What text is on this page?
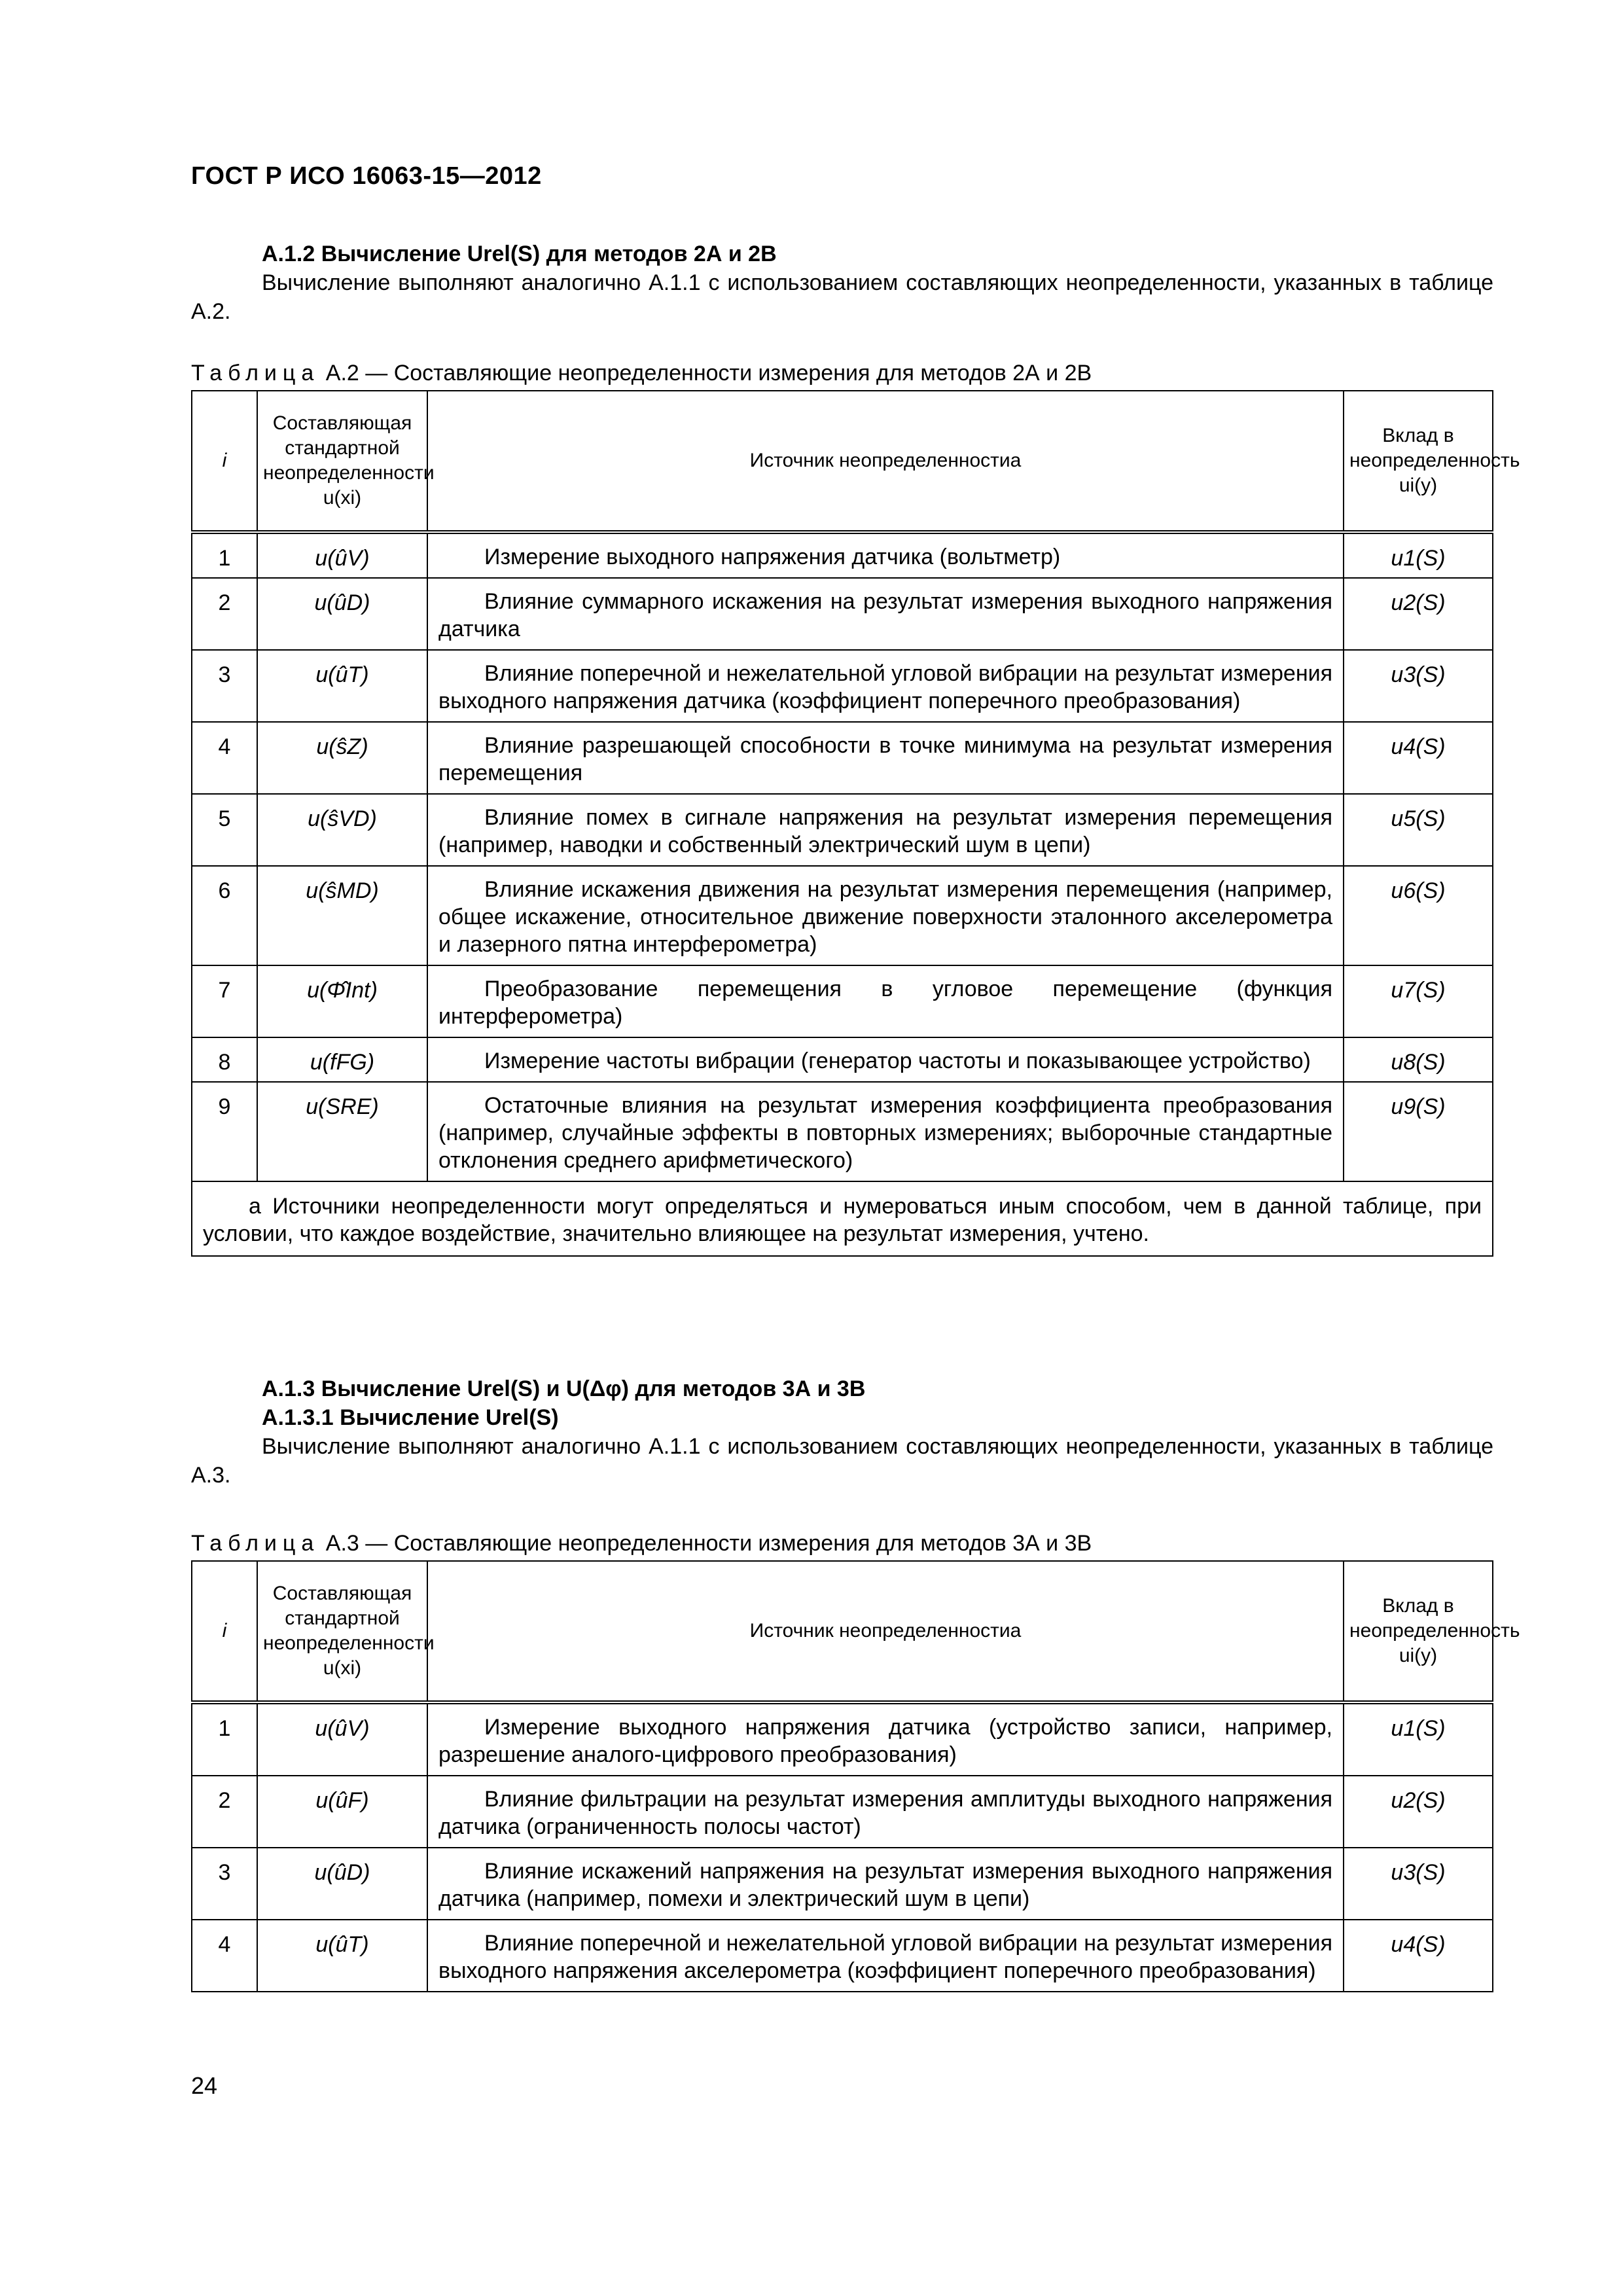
ГОСТ Р ИСО 16063-15—2012
А.1.2 Вычисление Urel(S) для методов 2А и 2В
Вычисление выполняют аналогично А.1.1 с использованием составляющих неопределенности, указанных в таблице А.2.
Таблица А.2 — Составляющие неопределенности измерения для методов 2А и 2В
i	Составляющая стандартной неопределенности u(xi)	Источник неопределенностиa	Вклад в неопределенность ui(y)
1	u(ûV)	Измерение выходного напряжения датчика (вольтметр)	u1(S)
2	u(ûD)	Влияние суммарного искажения на результат измерения выходного напряжения датчика	u2(S)
3	u(ûT)	Влияние поперечной и нежелательной угловой вибрации на результат измерения выходного напряжения датчика (коэффициент поперечного преобразования)	u3(S)
4	u(ŝZ)	Влияние разрешающей способности в точке минимума на результат измерения перемещения	u4(S)
5	u(ŝVD)	Влияние помех в сигнале напряжения на результат измерения перемещения (например, наводки и собственный электрический шум в цепи)	u5(S)
6	u(ŝMD)	Влияние искажения движения на результат измерения перемещения (например, общее искажение, относительное движение поверхности эталонного акселерометра и лазерного пятна интерферометра)	u6(S)
7	u(Φ̂Int)	Преобразование перемещения в угловое перемещение (функция интерферометра)	u7(S)
8	u(fFG)	Измерение частоты вибрации (генератор частоты и показывающее устройство)	u8(S)
9	u(SRE)	Остаточные влияния на результат измерения коэффициента преобразования (например, случайные эффекты в повторных измерениях; выборочные стандартные отклонения среднего арифметического)	u9(S)
a Источники неопределенности могут определяться и нумероваться иным способом, чем в данной таблице, при условии, что каждое воздействие, значительно влияющее на результат измерения, учтено.			
А.1.3 Вычисление Urel(S) и U(Δφ) для методов 3А и 3В
А.1.3.1 Вычисление Urel(S)
Вычисление выполняют аналогично А.1.1 с использованием составляющих неопределенности, указанных в таблице А.3.
Таблица А.3 — Составляющие неопределенности измерения для методов 3А и 3В
i	Составляющая стандартной неопределенности u(xi)	Источник неопределенностиa	Вклад в неопределенность ui(y)
1	u(ûV)	Измерение выходного напряжения датчика (устройство записи, например, разрешение аналого-цифрового преобразования)	u1(S)
2	u(ûF)	Влияние фильтрации на результат измерения амплитуды выходного напряжения датчика (ограниченность полосы частот)	u2(S)
3	u(ûD)	Влияние искажений напряжения на результат измерения выходного напряжения датчика (например, помехи и электрический шум в цепи)	u3(S)
4	u(ûT)	Влияние поперечной и нежелательной угловой вибрации на результат измерения выходного напряжения акселерометра (коэффициент поперечного преобразования)	u4(S)
24
